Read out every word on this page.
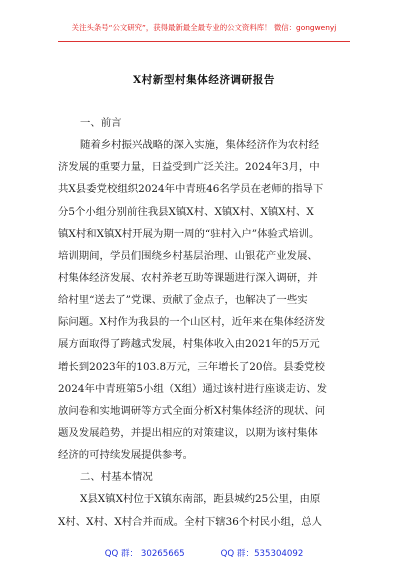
关注头条号“公文研究”，获得最新最全最专业的公文资料库！ 微信：gongwenyj
X村新型村集体经济调研报告
一、前言
随着乡村振兴战略的深入实施，集体经济作为农村经
济发展的重要力量，日益受到广泛关注。2024年3月，中
共X县委党校组织2024年中青班46名学员在老师的指导下
分5个小组分别前往我县X镇X村、X镇X村、X镇X村、X
镇X村和X镇X村开展为期一周的“驻村入户”体验式培训。
培训期间，学员们围绕乡村基层治理、山银花产业发展、
村集体经济发展、农村养老互助等课题进行深入调研，并
给村里“送去了”党课、贡献了金点子，也解决了一些实
际问题。X村作为我县的一个山区村，近年来在集体经济发
展方面取得了跨越式发展，村集体收入由2021年的5万元
增长到2023年的103.8万元，三年增长了20倍。县委党校
2024年中青班第5小组（X组）通过该村进行座谈走访、发
放问卷和实地调研等方式全面分析X村集体经济的现状、问
题及发展趋势，并提出相应的对策建议，以期为该村集体
经济的可持续发展提供参考。
二、村基本情况
X县X镇X村位于X镇东南部，距县城约25公里，由原
X村、X村、X村合并而成。全村下辖36个村民小组，总人
QQ 群： 30265665	QQ 群：535304092
